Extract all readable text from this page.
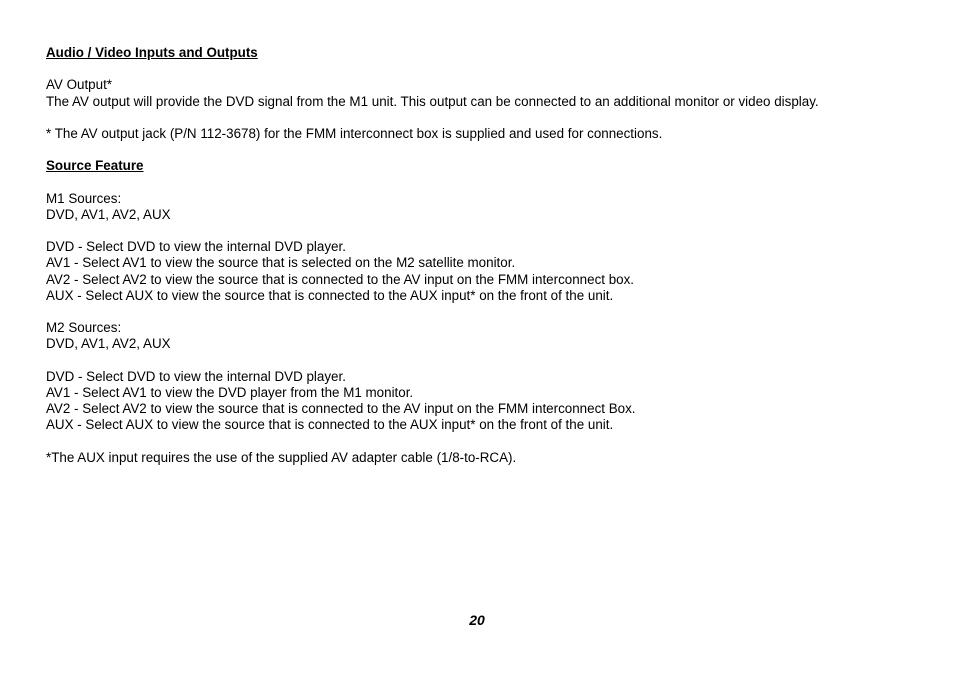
Audio / Video Inputs and Outputs
AV Output*
The AV output will provide the DVD signal from the M1 unit. This output can be connected to an additional monitor or video display.
* The AV output jack (P/N 112-3678) for the FMM interconnect box is supplied and used for connections.
Source Feature
M1 Sources:
DVD, AV1, AV2, AUX
DVD - Select DVD to view the internal DVD player.
AV1 - Select AV1 to view the source that is selected on the M2 satellite monitor.
AV2 - Select AV2 to view the source that is connected to the AV input on the FMM interconnect box.
AUX - Select AUX to view the source that is connected to the AUX input* on the front of the unit.
M2 Sources:
DVD, AV1, AV2, AUX
DVD - Select DVD to view the internal DVD player.
AV1 - Select AV1 to view the DVD player from the M1 monitor.
AV2 - Select AV2 to view the source that is connected to the AV input on the FMM interconnect Box.
AUX - Select AUX to view the source that is connected to the AUX input* on the front of the unit.
*The AUX input requires the use of the supplied AV adapter cable (1/8-to-RCA).
20
